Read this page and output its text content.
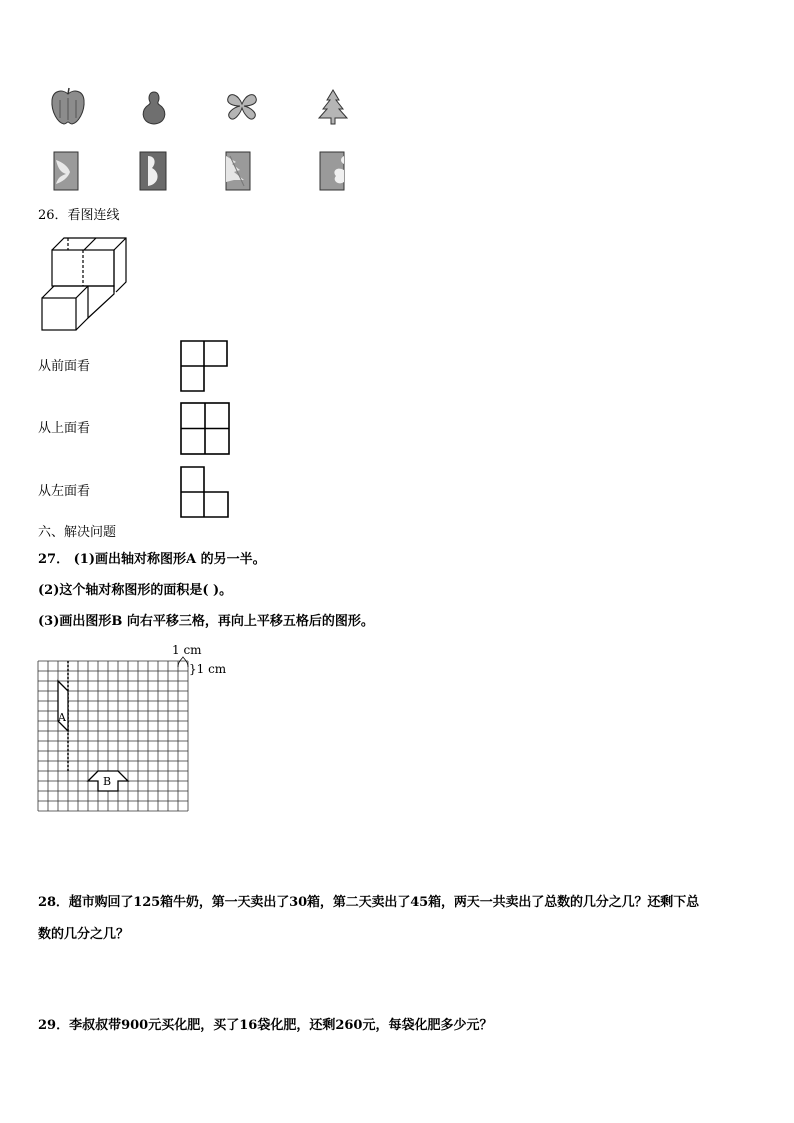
26．看图连线
从前面看
从上面看
从左面看
六、解决问题
27． (1)画出轴对称图形A 的另一半。
(2)这个轴对称图形的面积是( )。
(3)画出图形B 向右平移三格，再向上平移五格后的图形。
1 cm
}1 cm
A
B
28．超市购回了125箱牛奶，第一天卖出了30箱，第二天卖出了45箱，两天一共卖出了总数的几分之几？还剩下总
数的几分之几？
29．李叔叔带900元买化肥，买了16袋化肥，还剩260元，每袋化肥多少元？
